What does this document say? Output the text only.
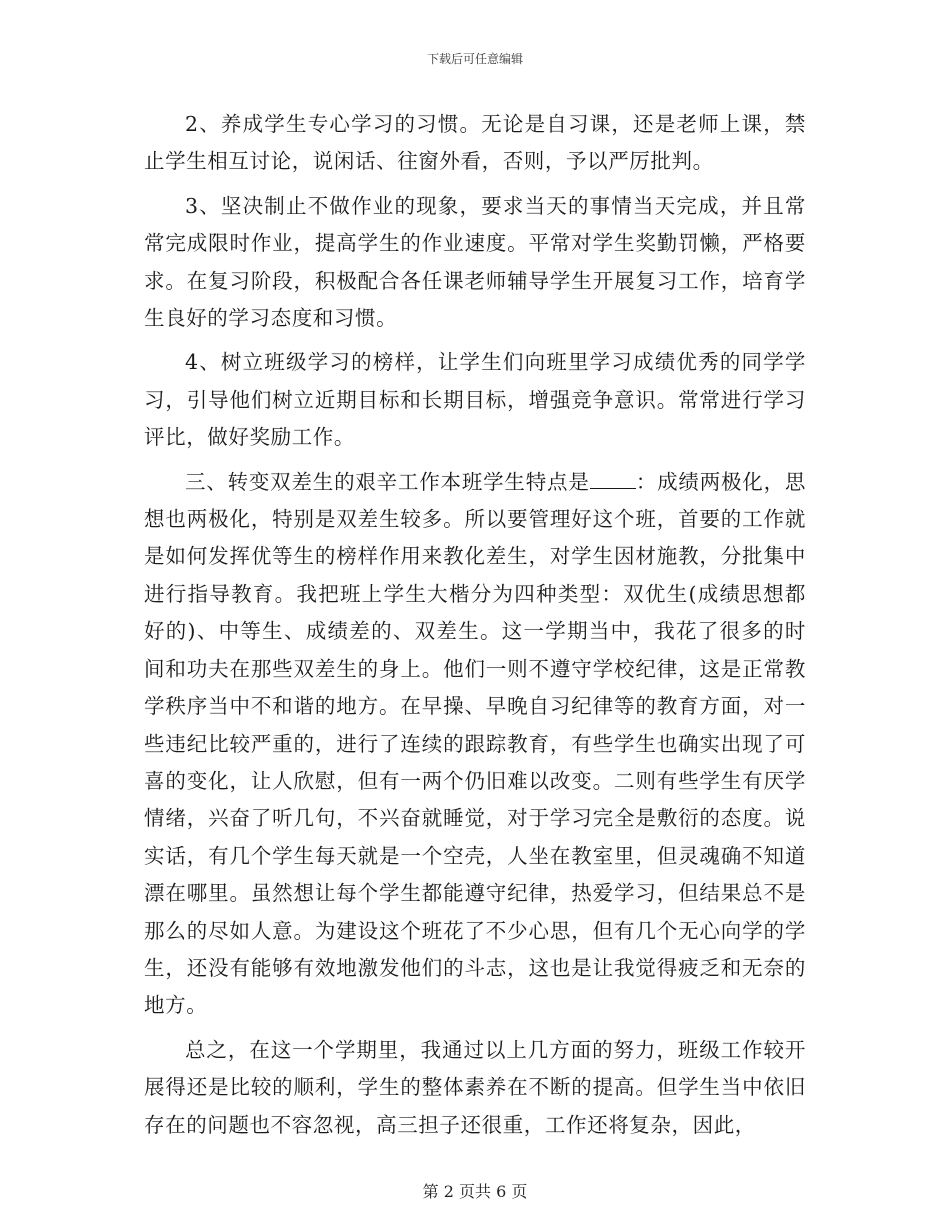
下载后可任意编辑

2、养成学生专心学习的习惯。无论是自习课，还是老师上课，禁止学生相互讨论，说闲话、往窗外看，否则，予以严厉批判。

3、坚决制止不做作业的现象，要求当天的事情当天完成，并且常常完成限时作业，提高学生的作业速度。平常对学生奖勤罚懒，严格要求。在复习阶段，积极配合各任课老师辅导学生开展复习工作，培育学生良好的学习态度和习惯。

4、树立班级学习的榜样，让学生们向班里学习成绩优秀的同学学习，引导他们树立近期目标和长期目标，增强竞争意识。常常进行学习评比，做好奖励工作。

三、转变双差生的艰辛工作本班学生特点是 ：成绩两极化，思想也两极化，特别是双差生较多。所以要管理好这个班，首要的工作就是如何发挥优等生的榜样作用来教化差生，对学生因材施教，分批集中进行指导教育。我把班上学生大楷分为四种类型：双优生(成绩思想都好的)、中等生、成绩差的、双差生。这一学期当中，我花了很多的时间和功夫在那些双差生的身上。他们一则不遵守学校纪律，这是正常教学秩序当中不和谐的地方。在早操、早晚自习纪律等的教育方面，对一些违纪比较严重的，进行了连续的跟踪教育，有些学生也确实出现了可喜的变化，让人欣慰，但有一两个仍旧难以改变。二则有些学生有厌学情绪，兴奋了听几句，不兴奋就睡觉，对于学习完全是敷衍的态度。说实话，有几个学生每天就是一个空壳，人坐在教室里，但灵魂确不知道漂在哪里。虽然想让每个学生都能遵守纪律，热爱学习，但结果总不是那么的尽如人意。为建设这个班花了不少心思，但有几个无心向学的学生，还没有能够有效地激发他们的斗志，这也是让我觉得疲乏和无奈的地方。

总之，在这一个学期里，我通过以上几方面的努力，班级工作较开展得还是比较的顺利，学生的整体素养在不断的提高。但学生当中依旧存在的问题也不容忽视，高三担子还很重，工作还将复杂，因此，

第 2 页共 6 页
